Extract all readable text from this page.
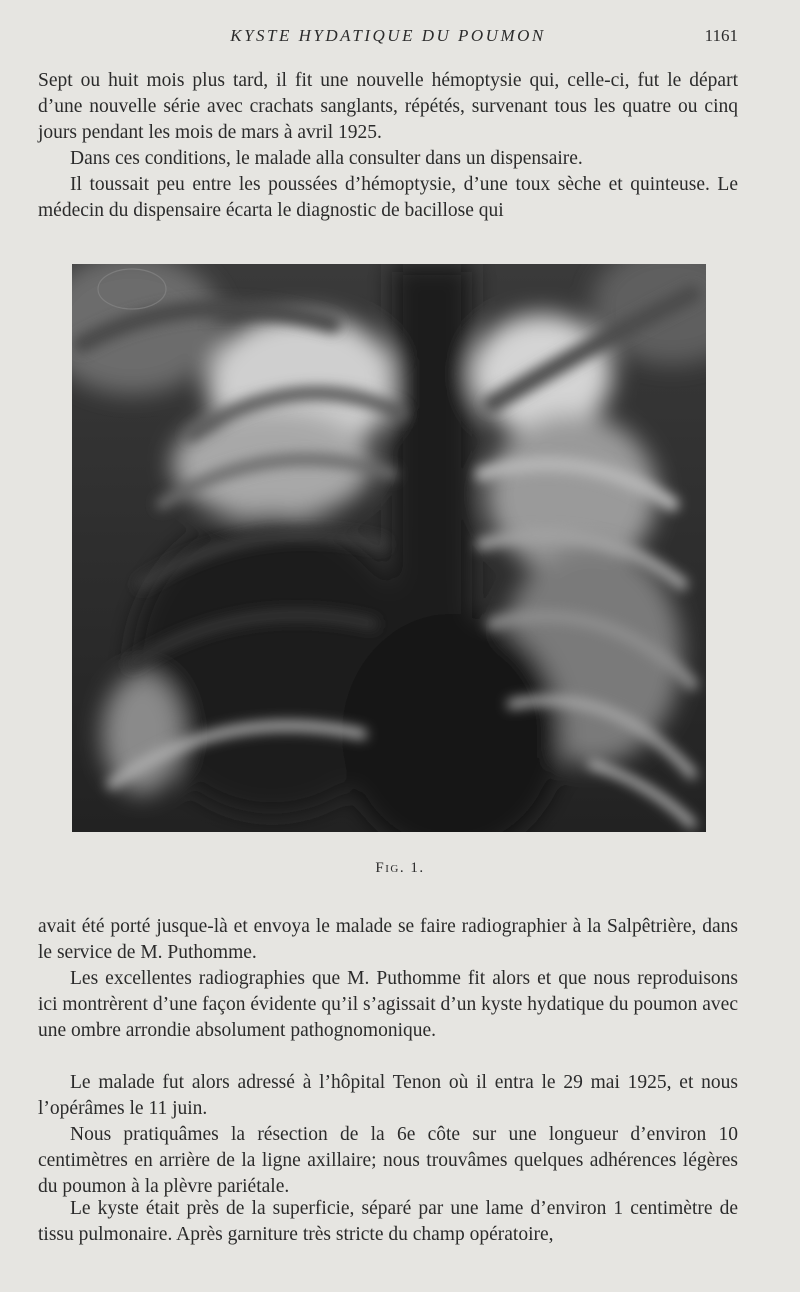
KYSTE HYDATIQUE DU POUMON	1161

Sept ou huit mois plus tard, il fit une nouvelle hémoptysie qui, celle-ci, fut le départ d’une nouvelle série avec crachats sanglants, répétés, survenant tous les quatre ou cinq jours pendant les mois de mars à avril 1925.

Dans ces conditions, le malade alla consulter dans un dispensaire.

Il toussait peu entre les poussées d’hémoptysie, d’une toux sèche et quinteuse. Le médecin du dispensaire écarta le diagnostic de bacillose qui

Fig. 1.

avait été porté jusque-là et envoya le malade se faire radiographier à la Salpêtrière, dans le service de M. Puthomme.

Les excellentes radiographies que M. Puthomme fit alors et que nous reproduisons ici montrèrent d’une façon évidente qu’il s’agissait d’un kyste hydatique du poumon avec une ombre arrondie absolument pathognomonique.

Le malade fut alors adressé à l’hôpital Tenon où il entra le 29 mai 1925, et nous l’opérâmes le 11 juin.

Nous pratiquâmes la résection de la 6e côte sur une longueur d’environ 10 centimètres en arrière de la ligne axillaire; nous trouvâmes quelques adhérences légères du poumon à la plèvre pariétale.

Le kyste était près de la superficie, séparé par une lame d’environ 1 centimètre de tissu pulmonaire. Après garniture très stricte du champ opératoire,
